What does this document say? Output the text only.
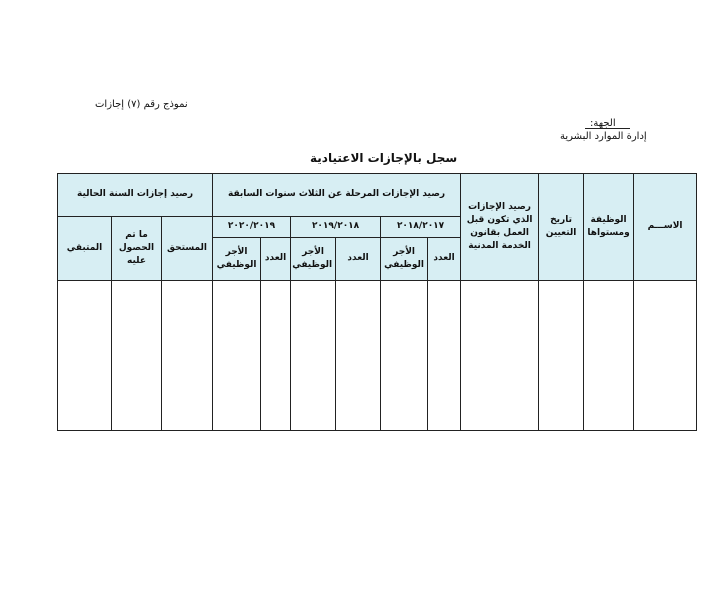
نموذج رقم (٧) إجازات
الجهة:
إدارة الموارد البشرية
سجل بالإجازات الاعتيادية
الاســـم	الوظيفة ومستواها	تاريخ التعيين	رصيد الإجازات الذي تكون قبل العمل بقانون الخدمة المدنية	رصيد الإجازات المرحلة عن الثلاث سنوات السابقة						رصيد إجازات السنة الحالية		
				٢٠١٨/٢٠١٧		٢٠١٩/٢٠١٨		٢٠٢٠/٢٠١٩		المستحق	ما تم الحصول عليه	المتبقي
				العدد	الأجر الوظيفي	العدد	الأجر الوظيفي	العدد	الأجر الوظيفي			
